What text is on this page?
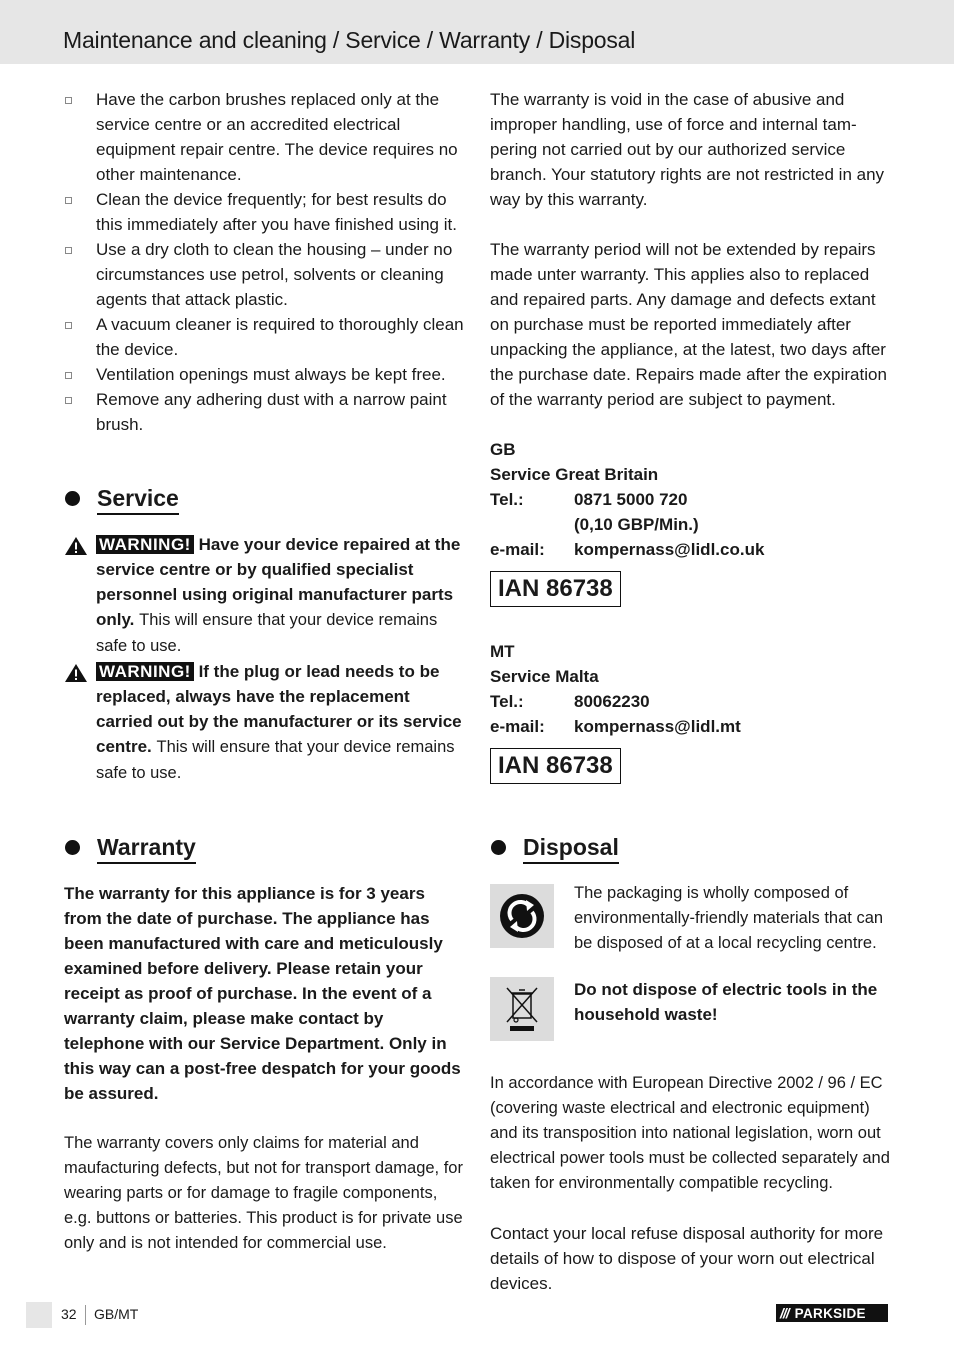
Maintenance and cleaning / Service / Warranty / Disposal
Have the carbon brushes replaced only at the service centre or an accredited electrical equipment repair centre. The device requires no other maintenance.
Clean the device frequently; for best results do this immediately after you have finished using it.
Use a dry cloth to clean the housing – under no circumstances use petrol, solvents or cleaning agents that attack plastic.
A vacuum cleaner is required to thoroughly clean the device.
Ventilation openings must always be kept free.
Remove any adhering dust with a narrow paint brush.
Service
WARNING! Have your device repaired at the service centre or by qualified specialist personnel using original manufacturer parts only. This will ensure that your device remains safe to use.
WARNING! If the plug or lead needs to be replaced, always have the replacement carried out by the manufacturer or its service centre. This will ensure that your device remains safe to use.
Warranty

The warranty for this appliance is for 3 years from the date of purchase. The appliance has been manufactured with care and meticulously examined before delivery. Please retain your receipt as proof of purchase. In the event of a warranty claim, please make contact by telephone with our Service Department. Only in this way can a post-free despatch for your goods be assured.

The warranty covers only claims for material and maufacturing defects, but not for transport damage, for wearing parts or for damage to fragile components, e.g. buttons or batteries. This product is for private use only and is not intended for commercial use.

The warranty is void in the case of abusive and improper handling, use of force and internal tampering not carried out by our authorized service branch. Your statutory rights are not restricted in any way by this warranty.

The warranty period will not be extended by repairs made unter warranty. This applies also to replaced and repaired parts. Any damage and defects extant on purchase must be reported immediately after unpacking the appliance, at the latest, two days after the purchase date. Repairs made after the expiration of the warranty period are subject to payment.

GB
Service Great Britain
Tel.:	0871 5000 720
(0,10 GBP/Min.)
e-mail:	kompernass@lidl.co.uk
IAN 86738
MT
Service Malta
Tel.:	80062230
e-mail:	kompernass@lidl.mt
IAN 86738
Disposal

The packaging is wholly composed of environmentally-friendly materials that can be disposed of at a local recycling centre.

Do not dispose of electric tools in the household waste!

In accordance with European Directive 2002 / 96 / EC (covering waste electrical and electronic equipment) and its transposition into national legislation, worn out electrical power tools must be collected separately and taken for environmentally compatible recycling.

Contact your local refuse disposal authority for more details of how to dispose of your worn out electrical devices.

32 GB/MT	/// PARKSIDE
